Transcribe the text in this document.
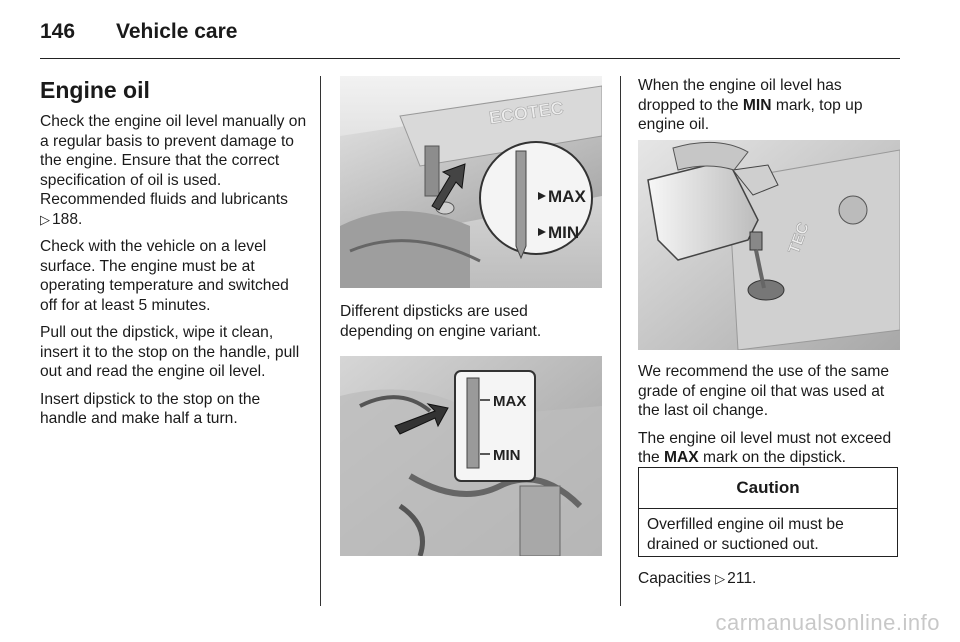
146 Vehicle care

Engine oil

Check the engine oil level manually on a regular basis to prevent damage to the engine. Ensure that the correct specification of oil is used. Recommended fluids and lubricants
▷ 188.

Check with the vehicle on a level surface. The engine must be at operating temperature and switched off for at least 5 minutes.

Pull out the dipstick, wipe it clean, insert it to the stop on the handle, pull out and read the engine oil level.

Insert dipstick to the stop on the handle and make half a turn.

ECOTEC
MAX
MIN

Different dipsticks are used depending on engine variant.

MAX
MIN

When the engine oil level has dropped to the MIN mark, top up engine oil.

TEC

We recommend the use of the same grade of engine oil that was used at the last oil change.

The engine oil level must not exceed the MAX mark on the dipstick.

Caution
Overfilled engine oil must be drained or suctioned out.
Capacities ▷ 211.
carmanualsonline.info
